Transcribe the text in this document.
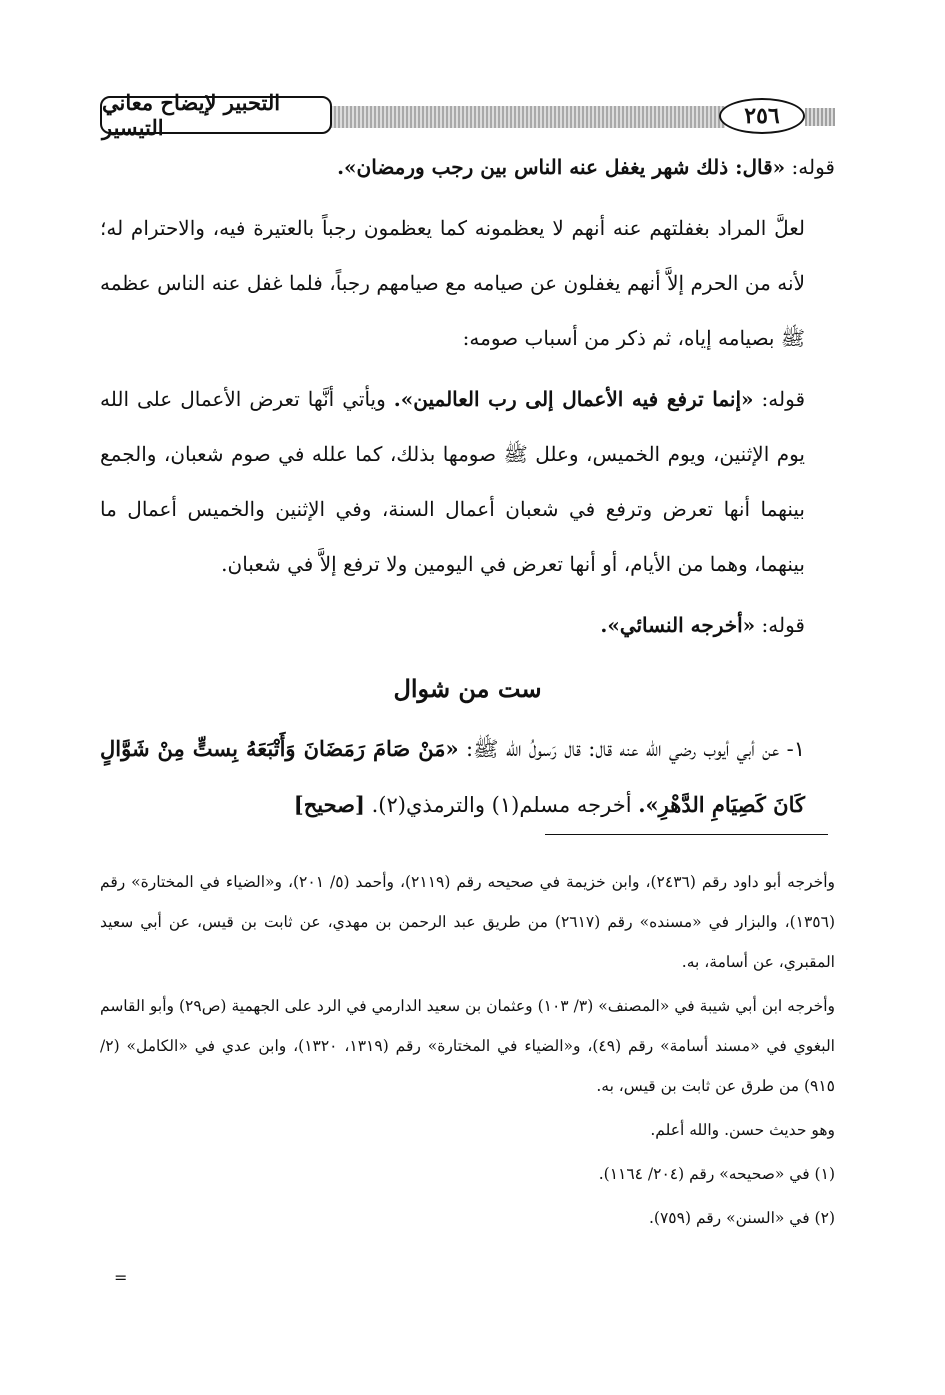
التحبير لإيضاح معاني التيسير	٢٥٦

قوله: «قال: ذلك شهر يغفل عنه الناس بين رجب ورمضان».

لعلَّ المراد بغفلتهم عنه أنهم لا يعظمونه كما يعظمون رجباً بالعتيرة فيه، والاحترام له؛ لأنه من الحرم إلاَّ أنهم يغفلون عن صيامه مع صيامهم رجباً، فلما غفل عنه الناس عظمه ﷺ بصيامه إياه، ثم ذكر من أسباب صومه:

قوله: «إنما ترفع فيه الأعمال إلى رب العالمين». ويأتي أنَّها تعرض الأعمال على الله يوم الإثنين، ويوم الخميس، وعلل ﷺ صومها بذلك، كما علله في صوم شعبان، والجمع بينهما أنها تعرض وترفع في شعبان أعمال السنة، وفي الإثنين والخميس أعمال ما بينهما، وهما من الأيام، أو أنها تعرض في اليومين ولا ترفع إلاَّ في شعبان.

قوله: «أخرجه النسائي».

ست من شوال

١- عن أبي أيوب رضي الله عنه قال: قال رَسولُ الله ﷺ: «مَنْ صَامَ رَمَضَانَ وَأَتْبَعَهُ بِستٍّ مِنْ شَوَّالٍ كَانَ كَصِيَامِ الدَّهْرِ». أخرجه مسلم(١) والترمذي(٢). [صحيح]

وأخرجه أبو داود رقم (٢٤٣٦)، وابن خزيمة في صحيحه رقم (٢١١٩)، وأحمد (٥/ ٢٠١)، و«الضياء في المختارة» رقم (١٣٥٦)، والبزار في «مسنده» رقم (٢٦١٧) من طريق عبد الرحمن بن مهدي، عن ثابت بن قيس، عن أبي سعيد المقبري، عن أسامة، به.

وأخرجه ابن أبي شيبة في «المصنف» (٣/ ١٠٣) وعثمان بن سعيد الدارمي في الرد على الجهمية (ص٢٩) وأبو القاسم البغوي في «مسند أسامة» رقم (٤٩)، و«الضياء في المختارة» رقم (١٣١٩، ١٣٢٠)، وابن عدي في «الكامل» (٢/ ٩١٥) من طرق عن ثابت بن قيس، به.

وهو حديث حسن. والله أعلم.

(١) في «صحيحه» رقم (٢٠٤/ ١١٦٤).

(٢) في «السنن» رقم (٧٥٩).

=
